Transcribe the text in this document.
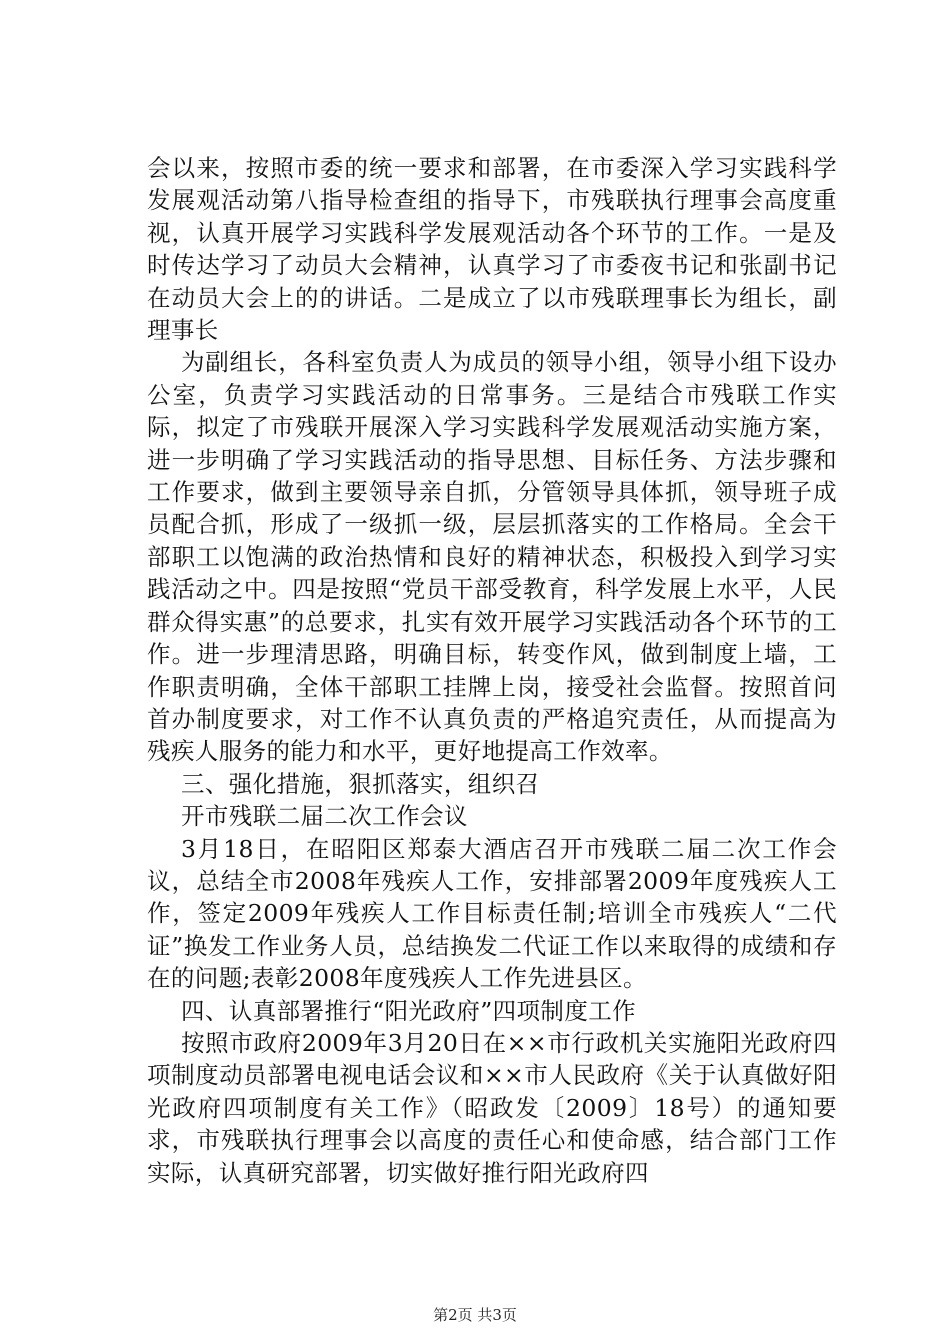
会以来，按照市委的统一要求和部署，在市委深入学习实践科学发展观活动第八指导检查组的指导下，市残联执行理事会高度重视，认真开展学习实践科学发展观活动各个环节的工作。一是及时传达学习了动员大会精神，认真学习了市委夜书记和张副书记在动员大会上的的讲话。二是成立了以市残联理事长为组长，副理事长

为副组长，各科室负责人为成员的领导小组，领导小组下设办公室，负责学习实践活动的日常事务。三是结合市残联工作实际，拟定了市残联开展深入学习实践科学发展观活动实施方案，进一步明确了学习实践活动的指导思想、目标任务、方法步骤和工作要求，做到主要领导亲自抓，分管领导具体抓，领导班子成员配合抓，形成了一级抓一级，层层抓落实的工作格局。全会干部职工以饱满的政治热情和良好的精神状态，积极投入到学习实践活动之中。四是按照“党员干部受教育，科学发展上水平，人民群众得实惠”的总要求，扎实有效开展学习实践活动各个环节的工作。进一步理清思路，明确目标，转变作风，做到制度上墙，工作职责明确，全体干部职工挂牌上岗，接受社会监督。按照首问首办制度要求，对工作不认真负责的严格追究责任，从而提高为残疾人服务的能力和水平，更好地提高工作效率。

三、强化措施，狠抓落实，组织召

开市残联二届二次工作会议

3月18日，在昭阳区郑泰大酒店召开市残联二届二次工作会议，总结全市2008年残疾人工作，安排部署2009年度残疾人工作，签定2009年残疾人工作目标责任制;培训全市残疾人“二代证”换发工作业务人员，总结换发二代证工作以来取得的成绩和存在的问题;表彰2008年度残疾人工作先进县区。

四、认真部署推行“阳光政府”四项制度工作

按照市政府2009年3月20日在××市行政机关实施阳光政府四项制度动员部署电视电话会议和××市人民政府《关于认真做好阳光政府四项制度有关工作》（昭政发〔2009〕18号）的通知要求，市残联执行理事会以高度的责任心和使命感，结合部门工作实际，认真研究部署，切实做好推行阳光政府四

第2页 共3页
